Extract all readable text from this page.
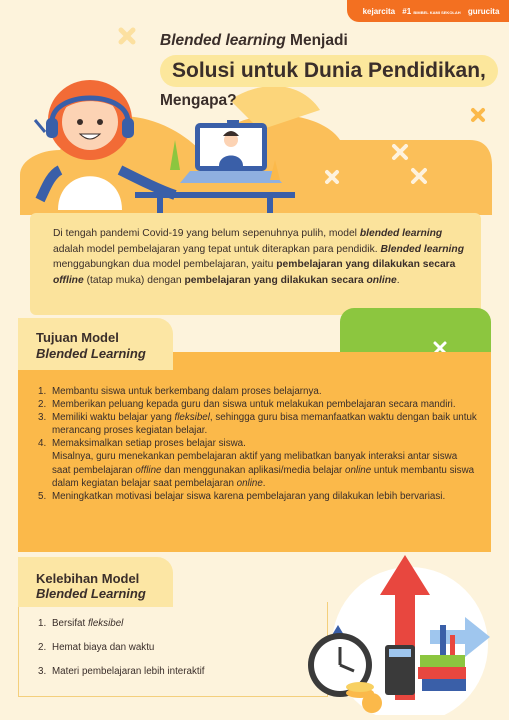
kejarcita #1 BIMBEL KAMI SEKOLAH gurucita
Blended learning Menjadi
Solusi untuk Dunia Pendidikan,
Mengapa?
Di tengah pandemi Covid-19 yang belum sepenuhnya pulih, model blended learning adalah model pembelajaran yang tepat untuk diterapkan para pendidik. Blended learning menggabungkan dua model pembelajaran, yaitu pembelajaran yang dilakukan secara offline (tatap muka) dengan pembelajaran yang dilakukan secara online.
Tujuan Model
Blended Learning
1. Membantu siswa untuk berkembang dalam proses belajarnya.
2. Memberikan peluang kepada guru dan siswa untuk melakukan pembelajaran secara mandiri.
3. Memiliki waktu belajar yang fleksibel, sehingga guru bisa memanfaatkan waktu dengan baik untuk merancang proses kegiatan belajar.
4. Memaksimalkan setiap proses belajar siswa.
Misalnya, guru menekankan pembelajaran aktif yang melibatkan banyak interaksi antar siswa saat pembelajaran offline dan menggunakan aplikasi/media belajar online untuk membantu siswa dalam kegiatan belajar saat pembelajaran online.
5. Meningkatkan motivasi belajar siswa karena pembelajaran yang dilakukan lebih bervariasi.
Kelebihan Model
Blended Learning
1. Bersifat fleksibel
2. Hemat biaya dan waktu
3. Materi pembelajaran lebih interaktif
